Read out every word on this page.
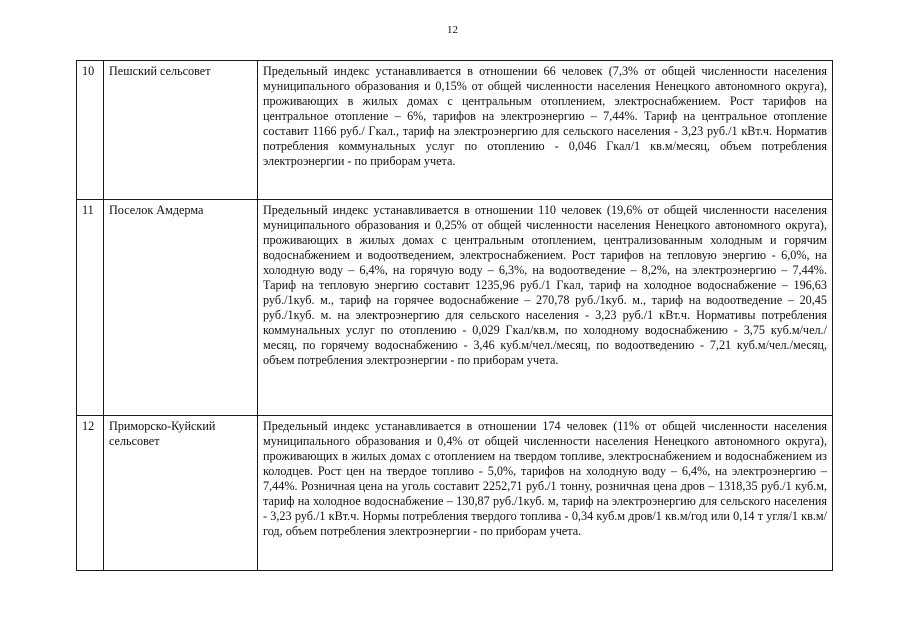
12
10	Пешский сельсовет	Предельный индекс устанавливается в отношении 66 человек (7,3% от общей численности населения муниципального образования и 0,15% от общей численности населения Ненецкого автономного округа), проживающих в жилых домах с центральным отоплением, электроснабжением. Рост тарифов на центральное отопление – 6%, тарифов на электроэнергию – 7,44%. Тариф на центральное отопление составит 1166 руб./ Гкал., тариф на электроэнергию для сельского населения - 3,23 руб./1 кВт.ч. Норматив потребления коммунальных услуг по отоплению - 0,046 Гкал/1 кв.м/месяц, объем потребления электроэнергии - по приборам учета.
11	Поселок Амдерма	Предельный индекс устанавливается в отношении 110 человек (19,6% от общей численности населения муниципального образования и 0,25% от общей численности населения Ненецкого автономного округа), проживающих в жилых домах с центральным отоплением, централизованным холодным и горячим водоснабжением и водоотведением, электроснабжением. Рост тарифов на тепловую энергию - 6,0%, на холодную воду – 6,4%, на горячую воду – 6,3%, на водоотведение – 8,2%, на электроэнергию – 7,44%. Тариф на тепловую энергию составит 1235,96 руб./1 Гкал, тариф на холодное водоснабжение – 196,63 руб./1куб. м., тариф на горячее водоснабжение – 270,78 руб./1куб. м., тариф на водоотведение – 20,45 руб./1куб. м. на электроэнергию для сельского населения - 3,23 руб./1 кВт.ч. Нормативы потребления коммунальных услуг по отоплению - 0,029 Гкал/кв.м, по холодному водоснабжению - 3,75 куб.м/чел./месяц, по горячему водоснабжению - 3,46 куб.м/чел./месяц, по водоотведению - 7,21 куб.м/чел./месяц, объем потребления электроэнергии - по приборам учета.
12	Приморско-Куйский сельсовет	Предельный индекс устанавливается в отношении 174 человек (11% от общей численности населения муниципального образования и 0,4% от общей численности населения Ненецкого автономного округа), проживающих в жилых домах с отоплением на твердом топливе, электроснабжением и водоснабжением из колодцев. Рост цен на твердое топливо - 5,0%, тарифов на холодную воду – 6,4%, на электроэнергию – 7,44%. Розничная цена на уголь составит 2252,71 руб./1 тонну, розничная цена дров – 1318,35 руб./1 куб.м, тариф на холодное водоснабжение – 130,87 руб./1куб. м, тариф на электроэнергию для сельского населения - 3,23 руб./1 кВт.ч. Нормы потребления твердого топлива - 0,34 куб.м дров/1 кв.м/год или 0,14 т угля/1 кв.м/год, объем потребления электроэнергии - по приборам учета.
